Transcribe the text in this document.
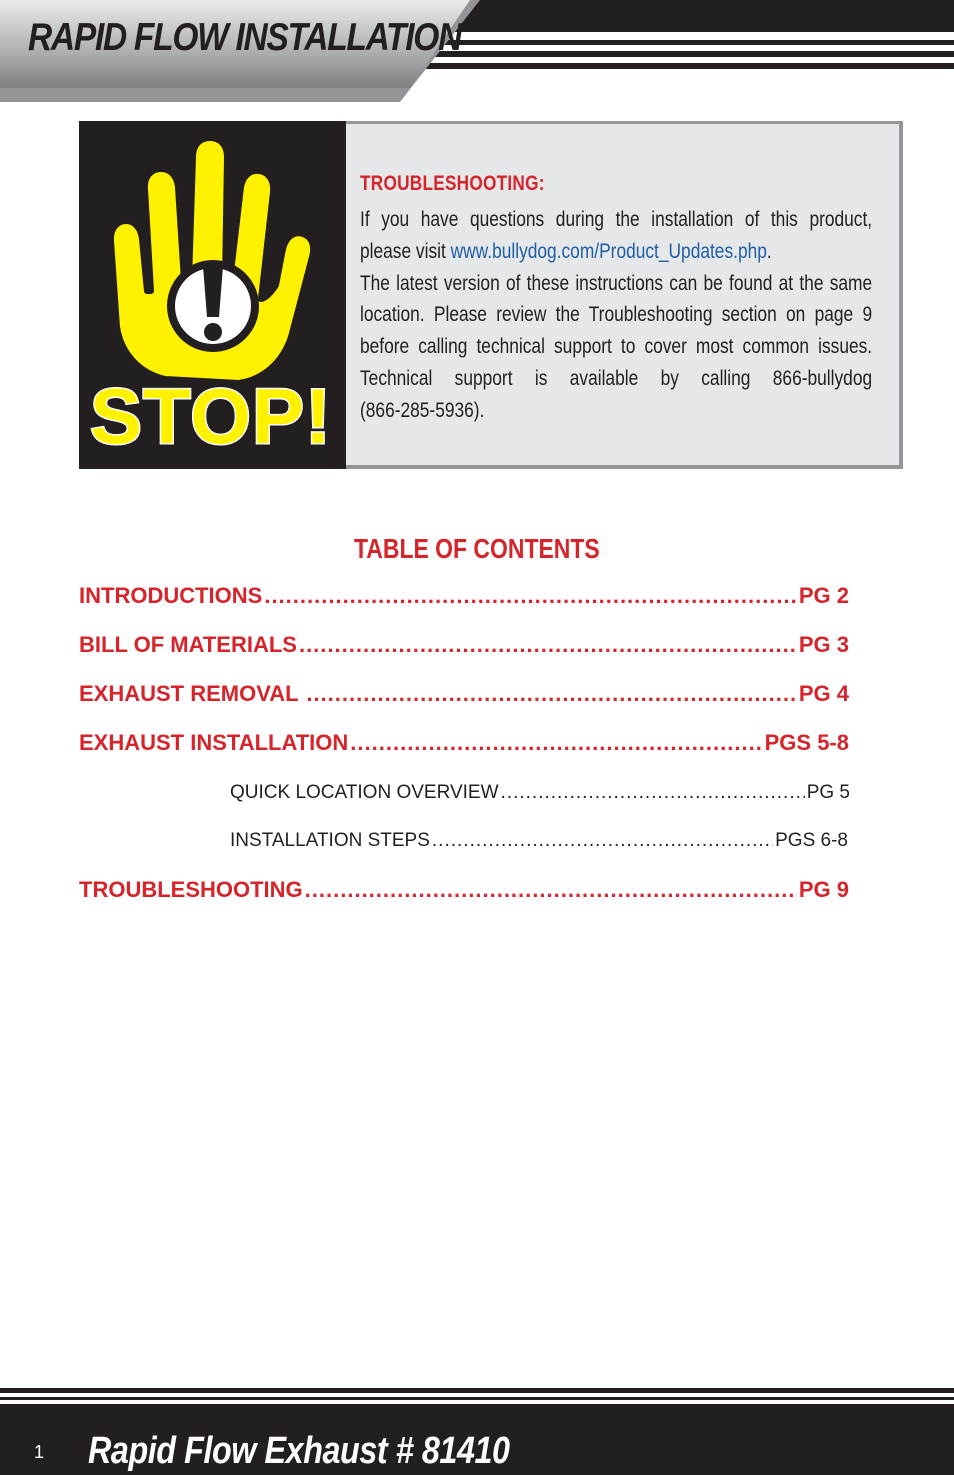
RAPID FLOW INSTALLATION
STOP!
TROUBLESHOOTING:
If you have questions during the installation of this product,
please visit www.bullydog.com/Product_Updates.php.
The latest version of these instructions can be found at the same
location. Please review the Troubleshooting section on page 9
before calling technical support to cover most common issues.
Technical support is available by calling 866-bullydog
(866-285-5936).
TABLE OF CONTENTS
INTRODUCTIONS .....	PG 2
BILL OF MATERIALS .....	PG 3
EXHAUST REMOVAL .....	PG 4
EXHAUST INSTALLATION .....	PGS 5-8
QUICK LOCATION OVERVIEW .....	PG 5
INSTALLATION STEPS .....	PGS 6-8
TROUBLESHOOTING .....	PG 9
1 Rapid Flow Exhaust # 81410
